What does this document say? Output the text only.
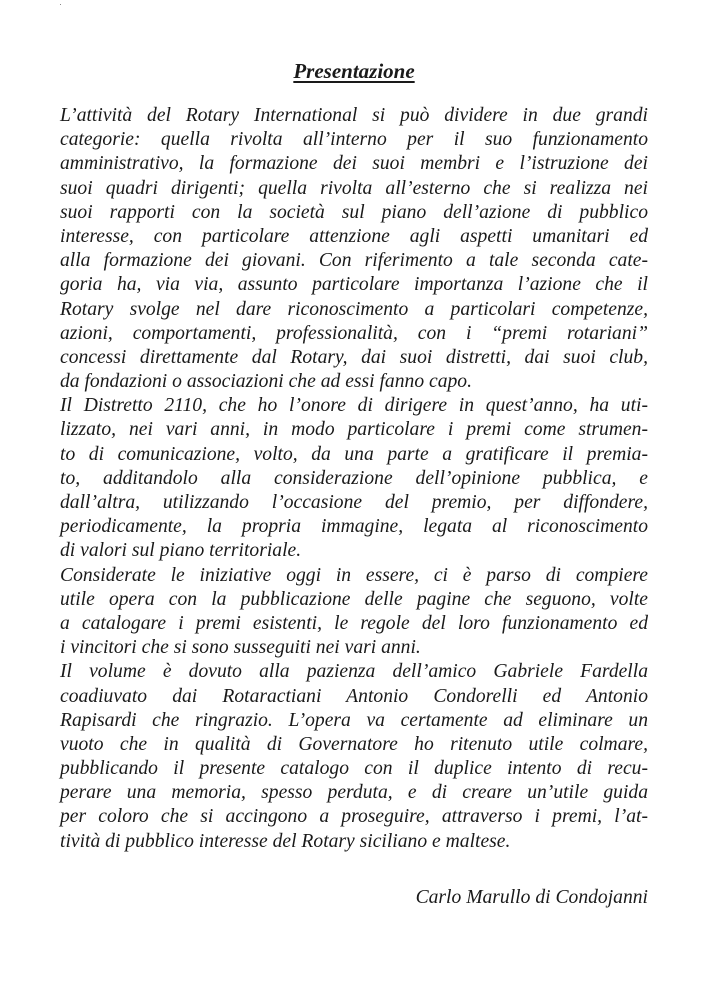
Presentazione
L’attività del Rotary International si può dividere in due grandi
categorie: quella rivolta all’interno per il suo funzionamento
amministrativo, la formazione dei suoi membri e l’istruzione dei
suoi quadri dirigenti; quella rivolta all’esterno che si realizza nei
suoi rapporti con la società sul piano dell’azione di pubblico
interesse, con particolare attenzione agli aspetti umanitari ed
alla formazione dei giovani. Con riferimento a tale seconda cate-
goria ha, via via, assunto particolare importanza l’azione che il
Rotary svolge nel dare riconoscimento a particolari competenze,
azioni, comportamenti, professionalità, con i “premi rotariani”
concessi direttamente dal Rotary, dai suoi distretti, dai suoi club,
da fondazioni o associazioni che ad essi fanno capo.
Il Distretto 2110, che ho l’onore di dirigere in quest’anno, ha uti-
lizzato, nei vari anni, in modo particolare i premi come strumen-
to di comunicazione, volto, da una parte a gratificare il premia-
to, additandolo alla considerazione dell’opinione pubblica, e
dall’altra, utilizzando l’occasione del premio, per diffondere,
periodicamente, la propria immagine, legata al riconoscimento
di valori sul piano territoriale.
Considerate le iniziative oggi in essere, ci è parso di compiere
utile opera con la pubblicazione delle pagine che seguono, volte
a catalogare i premi esistenti, le regole del loro funzionamento ed
i vincitori che si sono susseguiti nei vari anni.
Il volume è dovuto alla pazienza dell’amico Gabriele Fardella
coadiuvato dai Rotaractiani Antonio Condorelli ed Antonio
Rapisardi che ringrazio. L’opera va certamente ad eliminare un
vuoto che in qualità di Governatore ho ritenuto utile colmare,
pubblicando il presente catalogo con il duplice intento di recu-
perare una memoria, spesso perduta, e di creare un’utile guida
per coloro che si accingono a proseguire, attraverso i premi, l’at-
tività di pubblico interesse del Rotary siciliano e maltese.
Carlo Marullo di Condojanni
